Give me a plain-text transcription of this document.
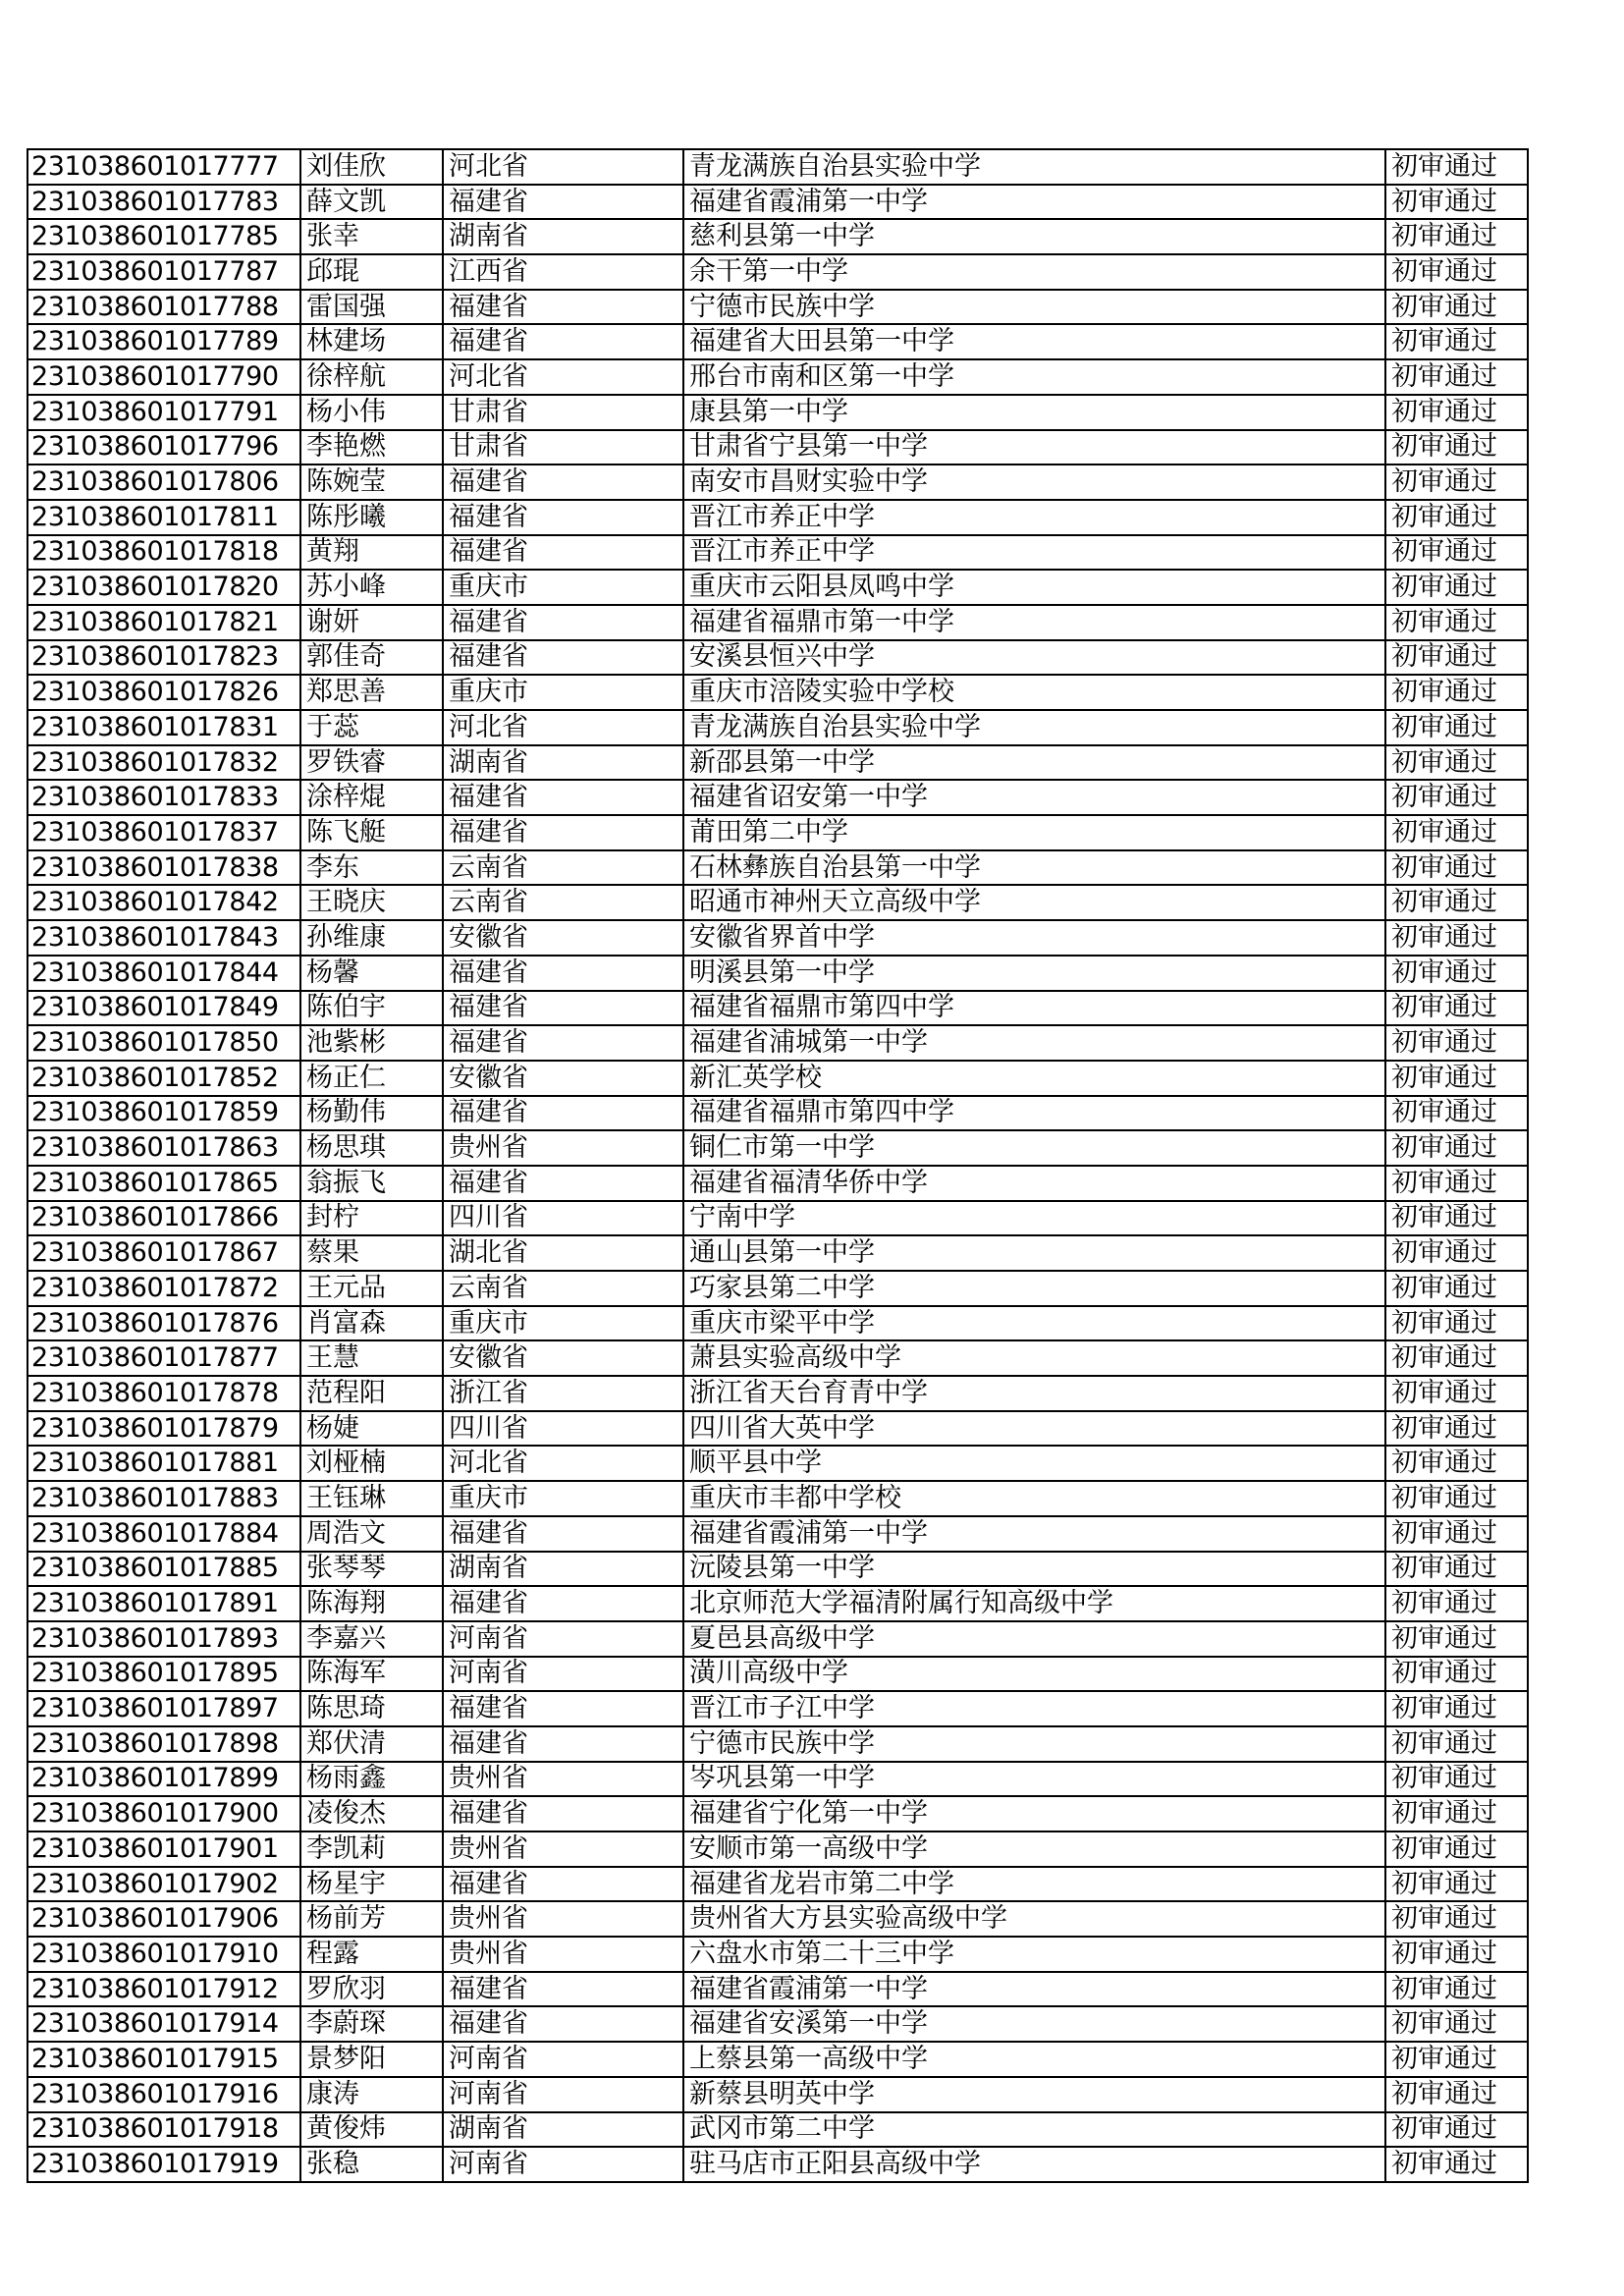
231038601017777	刘佳欣	河北省	青龙满族自治县实验中学	初审通过
231038601017783	薛文凯	福建省	福建省霞浦第一中学	初审通过
231038601017785	张幸	湖南省	慈利县第一中学	初审通过
231038601017787	邱琨	江西省	余干第一中学	初审通过
231038601017788	雷国强	福建省	宁德市民族中学	初审通过
231038601017789	林建场	福建省	福建省大田县第一中学	初审通过
231038601017790	徐梓航	河北省	邢台市南和区第一中学	初审通过
231038601017791	杨小伟	甘肃省	康县第一中学	初审通过
231038601017796	李艳燃	甘肃省	甘肃省宁县第一中学	初审通过
231038601017806	陈婉莹	福建省	南安市昌财实验中学	初审通过
231038601017811	陈彤曦	福建省	晋江市养正中学	初审通过
231038601017818	黄翔	福建省	晋江市养正中学	初审通过
231038601017820	苏小峰	重庆市	重庆市云阳县凤鸣中学	初审通过
231038601017821	谢妍	福建省	福建省福鼎市第一中学	初审通过
231038601017823	郭佳奇	福建省	安溪县恒兴中学	初审通过
231038601017826	郑思善	重庆市	重庆市涪陵实验中学校	初审通过
231038601017831	于蕊	河北省	青龙满族自治县实验中学	初审通过
231038601017832	罗铁睿	湖南省	新邵县第一中学	初审通过
231038601017833	涂梓焜	福建省	福建省诏安第一中学	初审通过
231038601017837	陈飞艇	福建省	莆田第二中学	初审通过
231038601017838	李东	云南省	石林彝族自治县第一中学	初审通过
231038601017842	王晓庆	云南省	昭通市神州天立高级中学	初审通过
231038601017843	孙维康	安徽省	安徽省界首中学	初审通过
231038601017844	杨馨	福建省	明溪县第一中学	初审通过
231038601017849	陈伯宇	福建省	福建省福鼎市第四中学	初审通过
231038601017850	池紫彬	福建省	福建省浦城第一中学	初审通过
231038601017852	杨正仁	安徽省	新汇英学校	初审通过
231038601017859	杨勤伟	福建省	福建省福鼎市第四中学	初审通过
231038601017863	杨思琪	贵州省	铜仁市第一中学	初审通过
231038601017865	翁振飞	福建省	福建省福清华侨中学	初审通过
231038601017866	封柠	四川省	宁南中学	初审通过
231038601017867	蔡果	湖北省	通山县第一中学	初审通过
231038601017872	王元品	云南省	巧家县第二中学	初审通过
231038601017876	肖富森	重庆市	重庆市梁平中学	初审通过
231038601017877	王慧	安徽省	萧县实验高级中学	初审通过
231038601017878	范程阳	浙江省	浙江省天台育青中学	初审通过
231038601017879	杨婕	四川省	四川省大英中学	初审通过
231038601017881	刘桠楠	河北省	顺平县中学	初审通过
231038601017883	王钰琳	重庆市	重庆市丰都中学校	初审通过
231038601017884	周浩文	福建省	福建省霞浦第一中学	初审通过
231038601017885	张琴琴	湖南省	沅陵县第一中学	初审通过
231038601017891	陈海翔	福建省	北京师范大学福清附属行知高级中学	初审通过
231038601017893	李嘉兴	河南省	夏邑县高级中学	初审通过
231038601017895	陈海军	河南省	潢川高级中学	初审通过
231038601017897	陈思琦	福建省	晋江市子江中学	初审通过
231038601017898	郑伏清	福建省	宁德市民族中学	初审通过
231038601017899	杨雨鑫	贵州省	岑巩县第一中学	初审通过
231038601017900	凌俊杰	福建省	福建省宁化第一中学	初审通过
231038601017901	李凯莉	贵州省	安顺市第一高级中学	初审通过
231038601017902	杨星宇	福建省	福建省龙岩市第二中学	初审通过
231038601017906	杨前芳	贵州省	贵州省大方县实验高级中学	初审通过
231038601017910	程露	贵州省	六盘水市第二十三中学	初审通过
231038601017912	罗欣羽	福建省	福建省霞浦第一中学	初审通过
231038601017914	李蔚琛	福建省	福建省安溪第一中学	初审通过
231038601017915	景梦阳	河南省	上蔡县第一高级中学	初审通过
231038601017916	康涛	河南省	新蔡县明英中学	初审通过
231038601017918	黄俊炜	湖南省	武冈市第二中学	初审通过
231038601017919	张稳	河南省	驻马店市正阳县高级中学	初审通过
